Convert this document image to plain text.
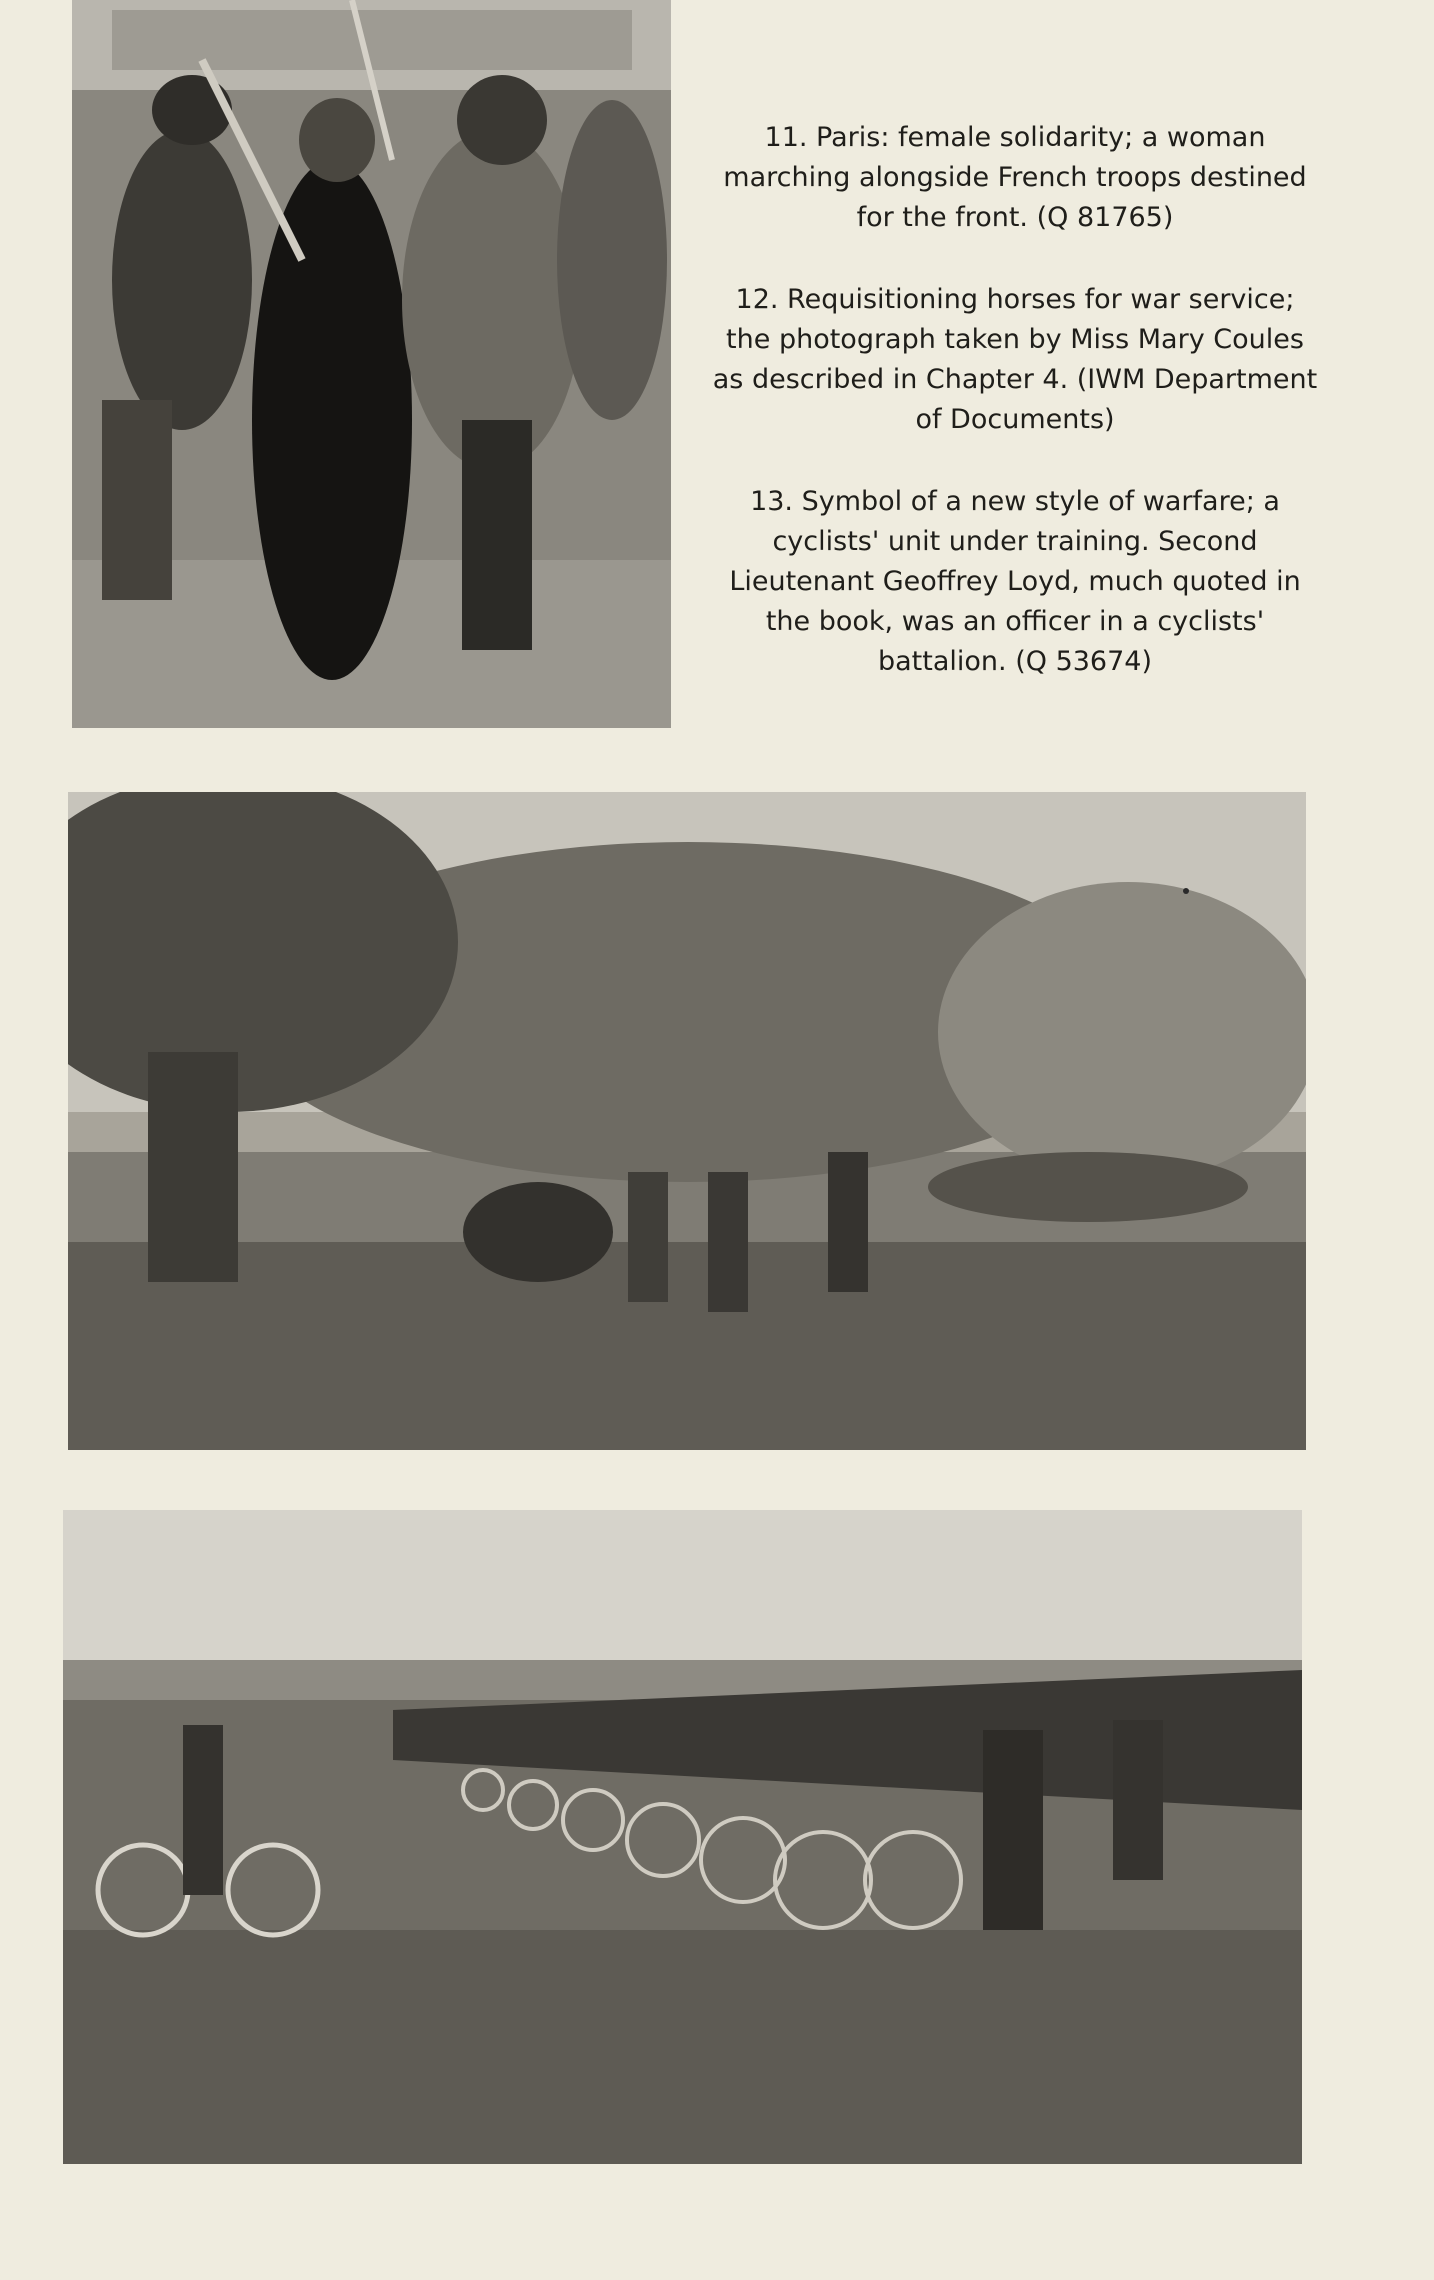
11. Paris: female solidarity; a woman marching alongside French troops destined for the front. (Q 81765)

12. Requisitioning horses for war service; the photograph taken by Miss Mary Coules as described in Chapter 4. (IWM Department of Documents)

13. Symbol of a new style of warfare; a cyclists' unit under training. Second Lieutenant Geoffrey Loyd, much quoted in the book, was an officer in a cyclists' battalion. (Q 53674)
